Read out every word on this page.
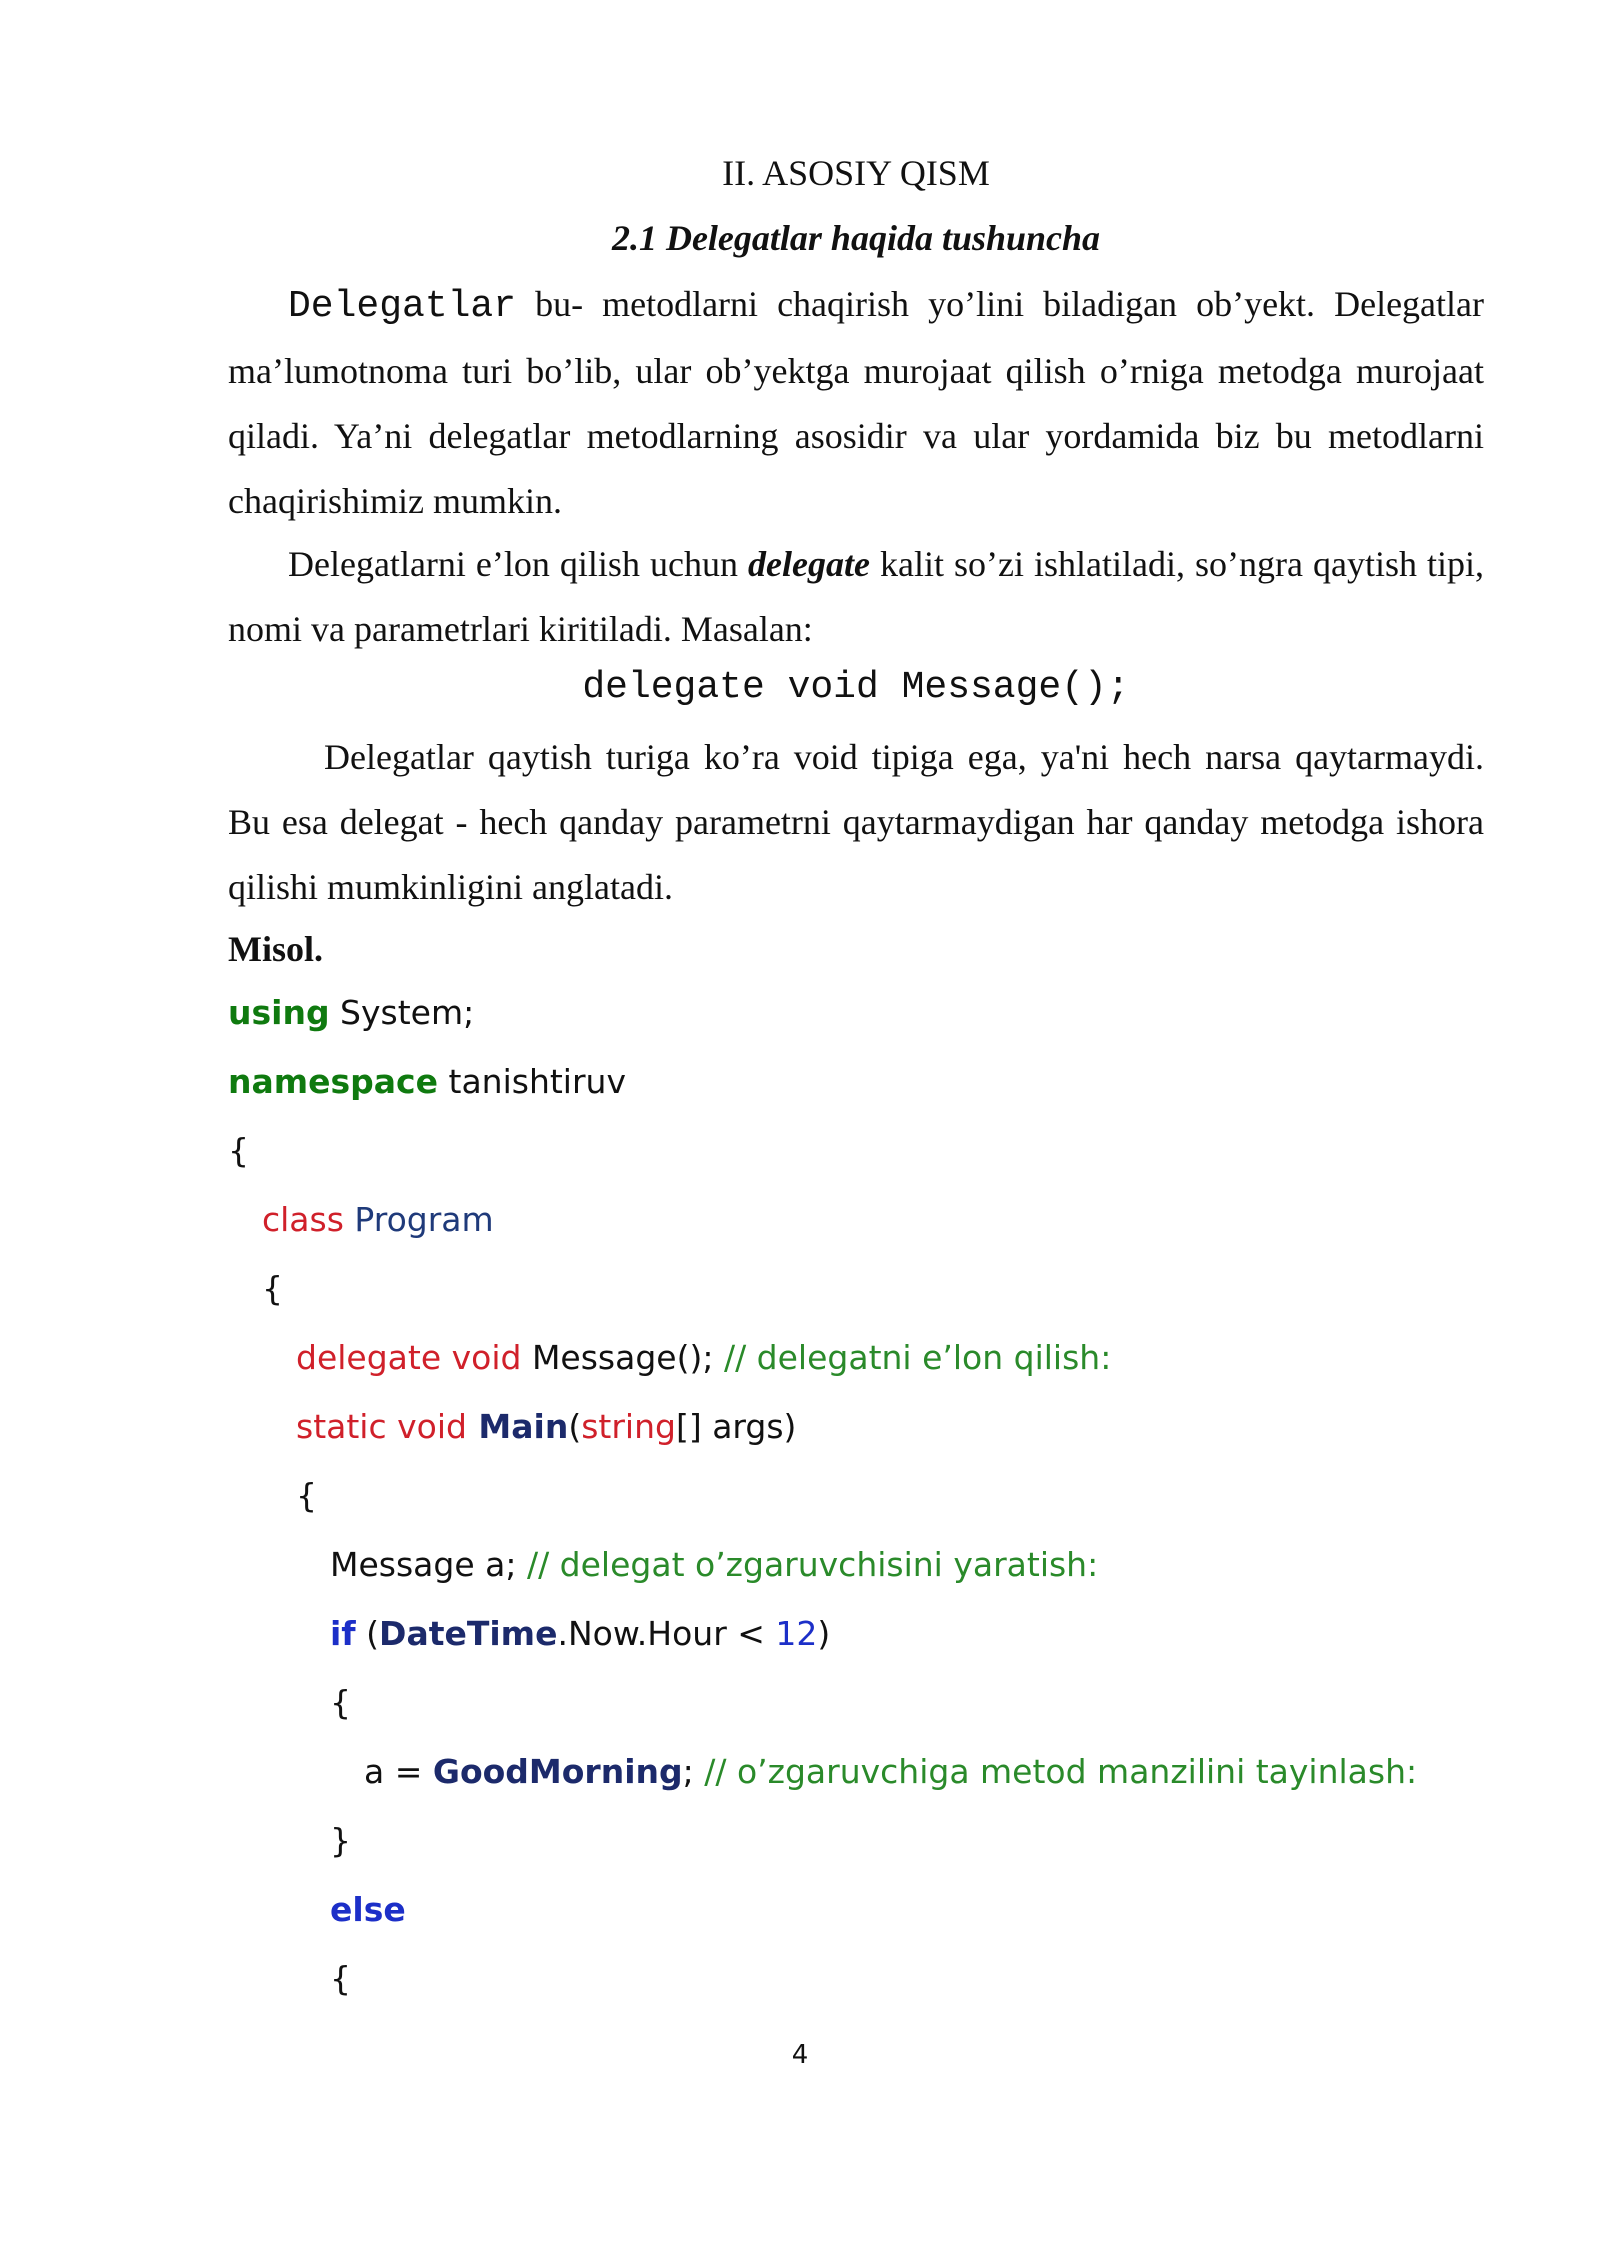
II. ASOSIY QISM
2.1 Delegatlar haqida tushuncha

Delegatlar bu- metodlarni chaqirish yo’lini biladigan ob’yekt. Delegatlar ma’lumotnoma turi bo’lib, ular ob’yektga murojaat qilish o’rniga metodga murojaat qiladi. Ya’ni delegatlar metodlarning asosidir va ular yordamida biz bu metodlarni chaqirishimiz mumkin.

Delegatlarni e’lon qilish uchun delegate kalit so’zi ishlatiladi, so’ngra qaytish tipi, nomi va parametrlari kiritiladi. Masalan:

delegate void Message();

Delegatlar qaytish turiga ko’ra void tipiga ega, ya'ni hech narsa qaytarmaydi. Bu esa delegat - hech qanday parametrni qaytarmaydigan har qanday metodga ishora qilishi mumkinligini anglatadi.

Misol.
using System;
namespace tanishtiruv
{
class Program
{
delegate void Message(); // delegatni e’lon qilish:
static void Main(string[] args)
{
Message a; // delegat o’zgaruvchisini yaratish:
if (DateTime.Now.Hour < 12)
{
a = GoodMorning; // o’zgaruvchiga metod manzilini tayinlash:
}
else
{
4
